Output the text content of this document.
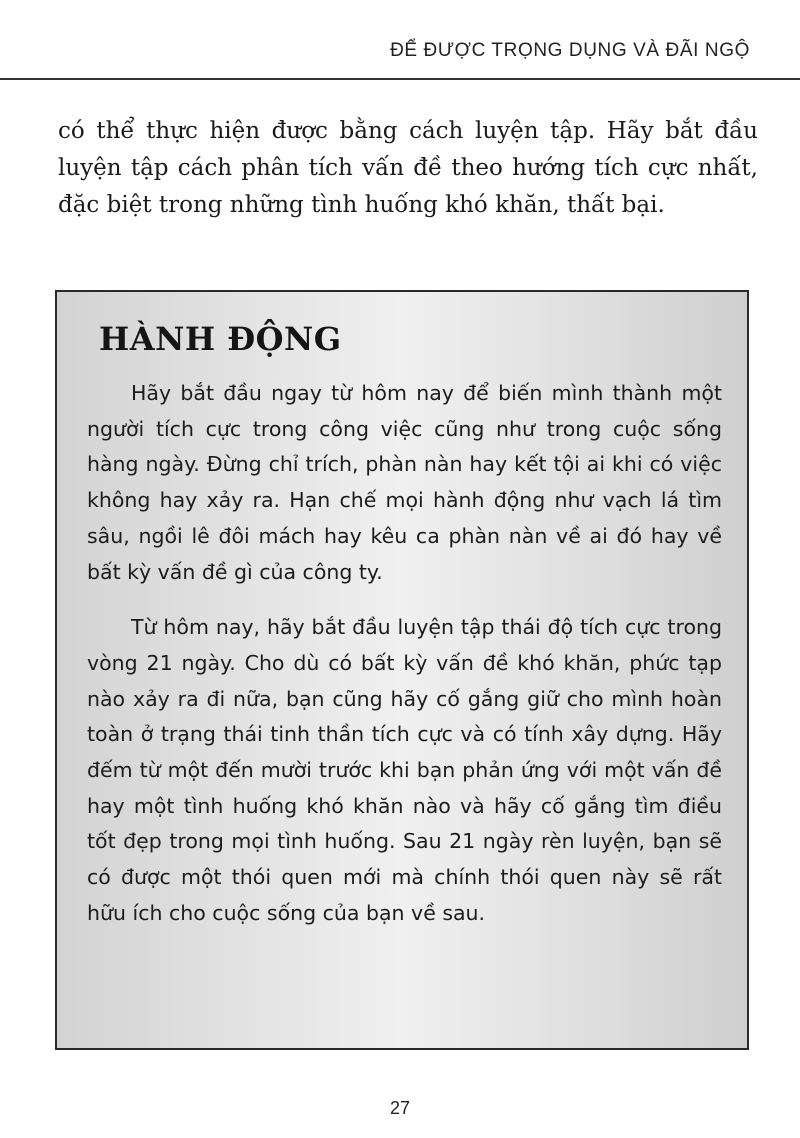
ĐỂ ĐƯỢC TRỌNG DỤNG VÀ ĐÃI NGỘ

có thể thực hiện được bằng cách luyện tập. Hãy bắt đầu luyện tập cách phân tích vấn đề theo hướng tích cực nhất, đặc biệt trong những tình huống khó khăn, thất bại.

HÀNH ĐỘNG

Hãy bắt đầu ngay từ hôm nay để biến mình thành một người tích cực trong công việc cũng như trong cuộc sống hàng ngày. Đừng chỉ trích, phàn nàn hay kết tội ai khi có việc không hay xảy ra. Hạn chế mọi hành động như vạch lá tìm sâu, ngồi lê đôi mách hay kêu ca phàn nàn về ai đó hay về bất kỳ vấn đề gì của công ty.

Từ hôm nay, hãy bắt đầu luyện tập thái độ tích cực trong vòng 21 ngày. Cho dù có bất kỳ vấn đề khó khăn, phức tạp nào xảy ra đi nữa, bạn cũng hãy cố gắng giữ cho mình hoàn toàn ở trạng thái tinh thần tích cực và có tính xây dựng. Hãy đếm từ một đến mười trước khi bạn phản ứng với một vấn đề hay một tình huống khó khăn nào và hãy cố gắng tìm điều tốt đẹp trong mọi tình huống. Sau 21 ngày rèn luyện, bạn sẽ có được một thói quen mới mà chính thói quen này sẽ rất hữu ích cho cuộc sống của bạn về sau.

27
